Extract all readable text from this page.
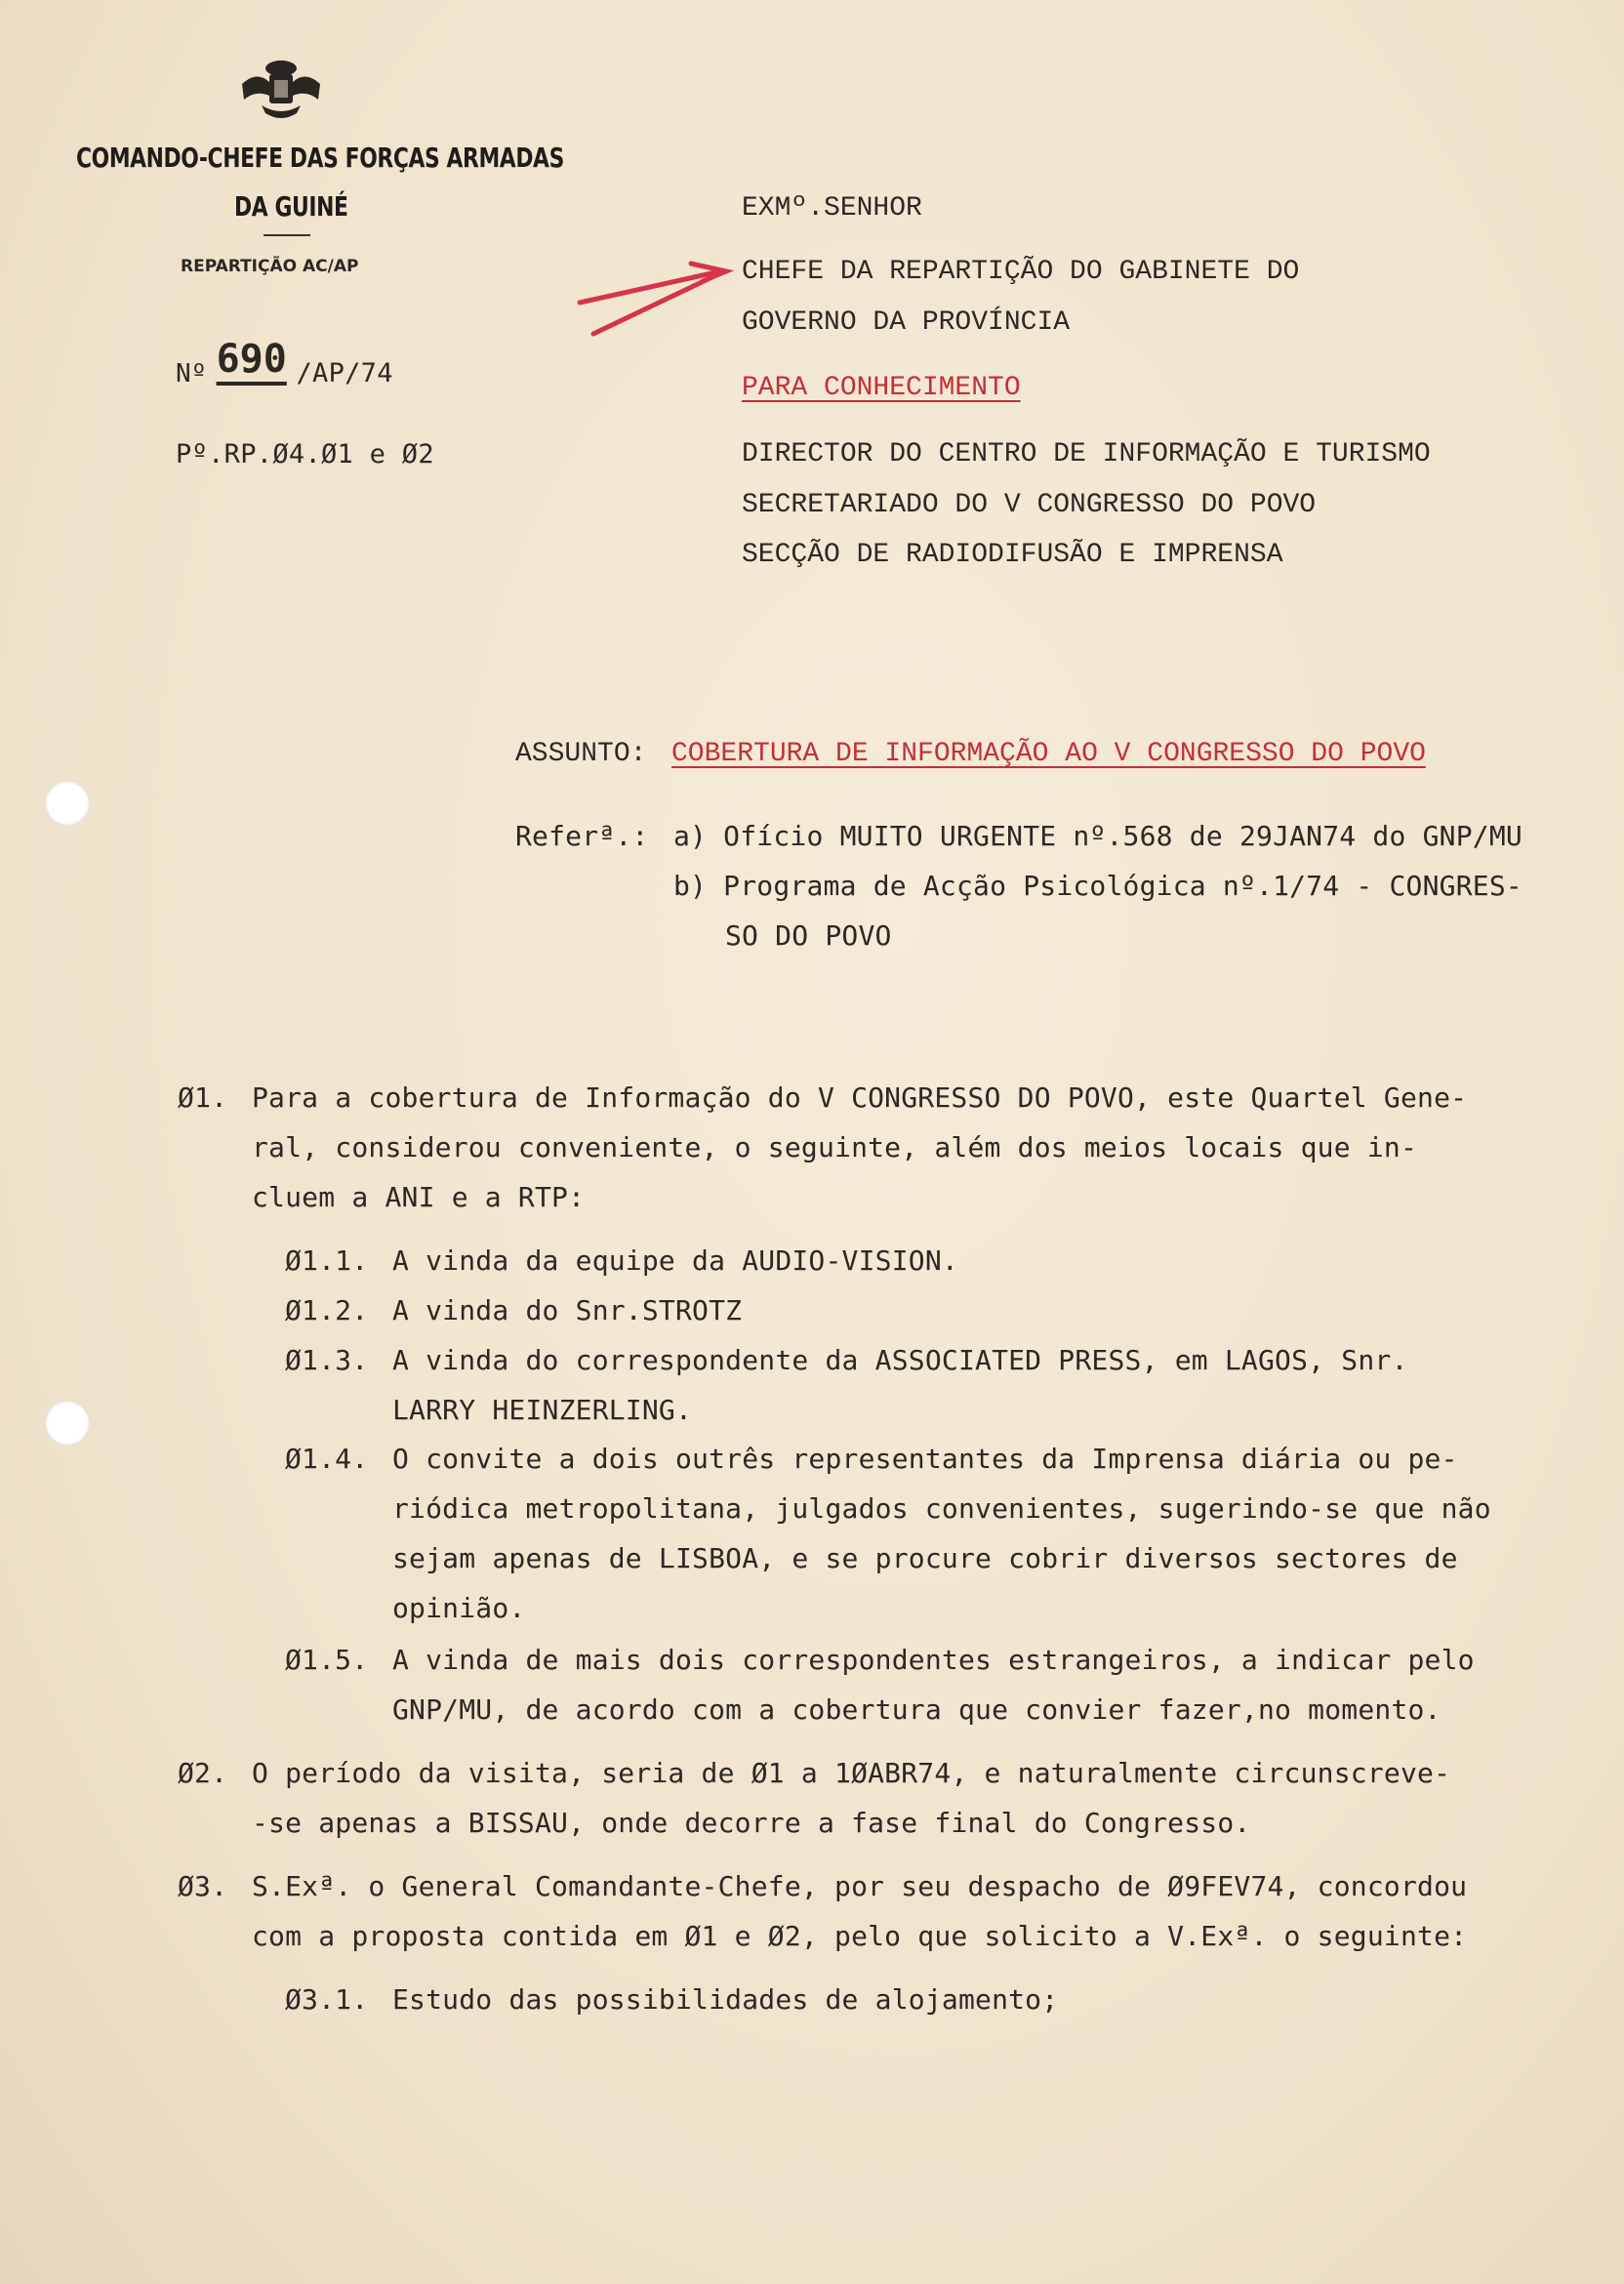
COMANDO-CHEFE DAS FORÇAS ARMADAS
DA GUINÉ
REPARTIÇÃO AC/AP
Nº 690 /AP/74
Pº.RP.Ø4.Ø1 e Ø2
EXMº.SENHOR
CHEFE DA REPARTIÇÃO DO GABINETE DO
GOVERNO DA PROVÍNCIA
PARA CONHECIMENTO
DIRECTOR DO CENTRO DE INFORMAÇÃO E TURISMO
SECRETARIADO DO V CONGRESSO DO POVO
SECÇÃO DE RADIODIFUSÃO E IMPRENSA
ASSUNTO: COBERTURA DE INFORMAÇÃO AO V CONGRESSO DO POVO
Referª.: a) Ofício MUITO URGENTE nº.568 de 29JAN74 do GNP/MU
b) Programa de Acção Psicológica nº.1/74 - CONGRES-
SO DO POVO
Ø1. Para a cobertura de Informação do V CONGRESSO DO POVO, este Quartel Gene-
ral, considerou conveniente, o seguinte, além dos meios locais que in-
cluem a ANI e a RTP:
Ø1.1. A vinda da equipe da AUDIO-VISION.
Ø1.2. A vinda do Snr.STROTZ
Ø1.3. A vinda do correspondente da ASSOCIATED PRESS, em LAGOS, Snr.
LARRY HEINZERLING.
Ø1.4. O convite a dois outrês representantes da Imprensa diária ou pe-
riódica metropolitana, julgados convenientes, sugerindo-se que não
sejam apenas de LISBOA, e se procure cobrir diversos sectores de
opinião.
Ø1.5. A vinda de mais dois correspondentes estrangeiros, a indicar pelo
GNP/MU, de acordo com a cobertura que convier fazer,no momento.
Ø2. O período da visita, seria de Ø1 a 1ØABR74, e naturalmente circunscreve-
-se apenas a BISSAU, onde decorre a fase final do Congresso.
Ø3. S.Exª. o General Comandante-Chefe, por seu despacho de Ø9FEV74, concordou
com a proposta contida em Ø1 e Ø2, pelo que solicito a V.Exª. o seguinte:
Ø3.1. Estudo das possibilidades de alojamento;
